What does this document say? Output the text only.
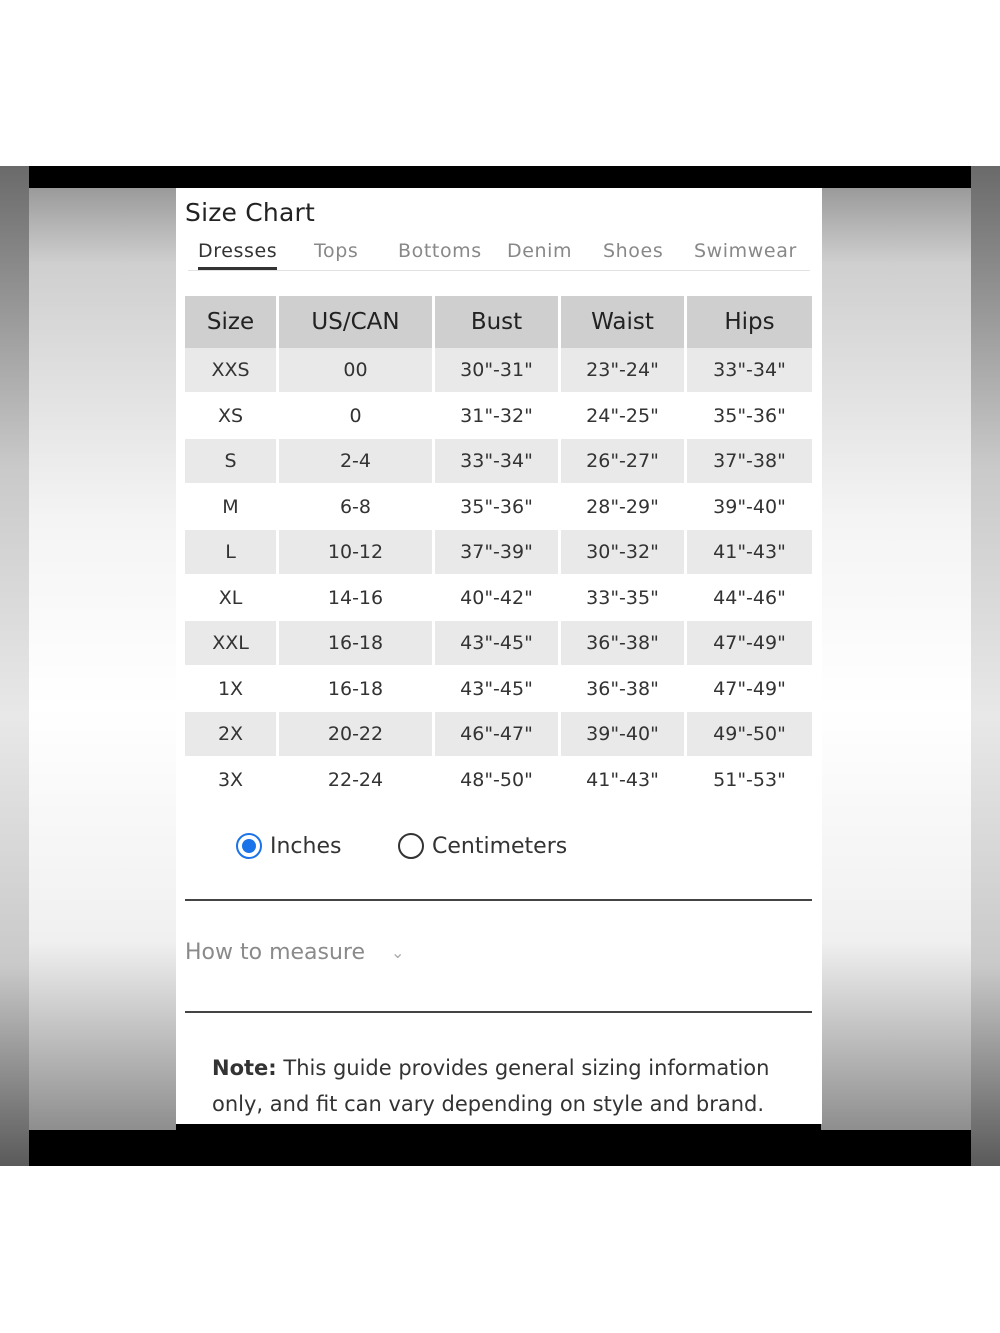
Size Chart
Dresses Tops Bottoms Denim Shoes Swimwear
Size	US/CAN	Bust	Waist	Hips
XXS	00	30"-31"	23"-24"	33"-34"
XS	0	31"-32"	24"-25"	35"-36"
S	2-4	33"-34"	26"-27"	37"-38"
M	6-8	35"-36"	28"-29"	39"-40"
L	10-12	37"-39"	30"-32"	41"-43"
XL	14-16	40"-42"	33"-35"	44"-46"
XXL	16-18	43"-45"	36"-38"	47"-49"
1X	16-18	43"-45"	36"-38"	47"-49"
2X	20-22	46"-47"	39"-40"	49"-50"
3X	22-24	48"-50"	41"-43"	51"-53"
Inches	Centimeters
How to measure ⌄
Note: This guide provides general sizing information only, and fit can vary depending on style and brand.
